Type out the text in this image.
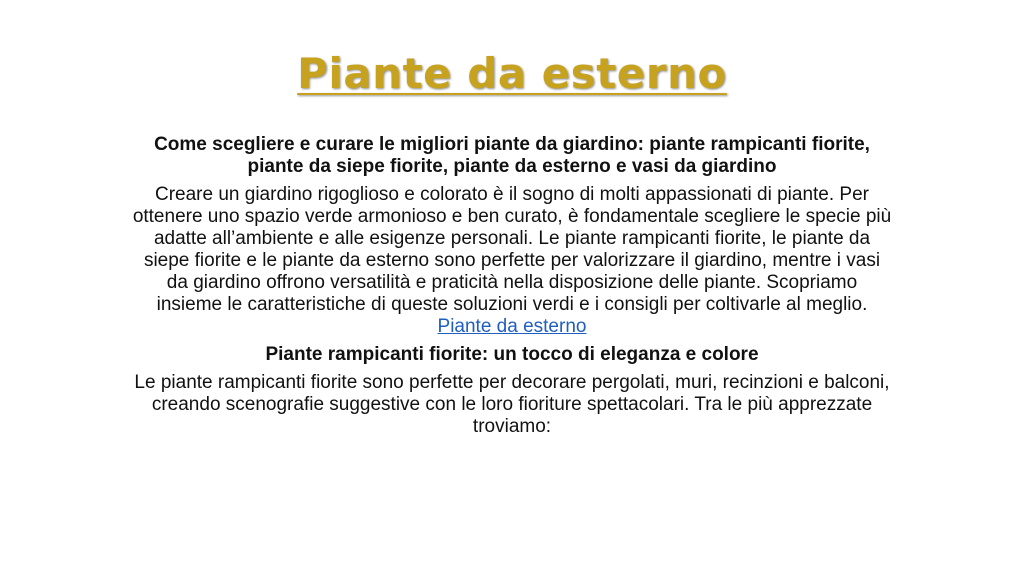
Piante da esterno

Come scegliere e curare le migliori piante da giardino: piante rampicanti fiorite, piante da siepe fiorite, piante da esterno e vasi da giardino

Creare un giardino rigoglioso e colorato è il sogno di molti appassionati di piante. Per ottenere uno spazio verde armonioso e ben curato, è fondamentale scegliere le specie più adatte all’ambiente e alle esigenze personali. Le piante rampicanti fiorite, le piante da siepe fiorite e le piante da esterno sono perfette per valorizzare il giardino, mentre i vasi da giardino offrono versatilità e praticità nella disposizione delle piante. Scopriamo insieme le caratteristiche di queste soluzioni verdi e i consigli per coltivarle al meglio. Piante da esterno

Piante rampicanti fiorite: un tocco di eleganza e colore

Le piante rampicanti fiorite sono perfette per decorare pergolati, muri, recinzioni e balconi, creando scenografie suggestive con le loro fioriture spettacolari. Tra le più apprezzate troviamo:
